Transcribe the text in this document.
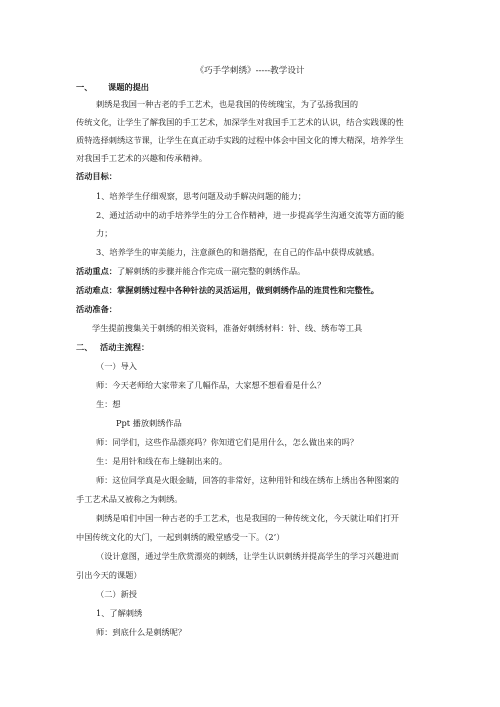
《巧手学刺绣》-----教学设计
一、 课题的提出
刺绣是我国一种古老的手工艺术，也是我国的传统瑰宝，为了弘扬我国的
传统文化，让学生了解我国的手工艺术，加深学生对我国手工艺术的认识，结合实践课的性
质特选择刺绣这节课，让学生在真正动手实践的过程中体会中国文化的博大精深，培养学生
对我国手工艺术的兴趣和传承精神。
活动目标：
1、培养学生仔细观察，思考问题及动手解决问题的能力；
2、通过活动中的动手培养学生的分工合作精神，进一步提高学生沟通交流等方面的能
力；
3、培养学生的审美能力，注意颜色的和谐搭配，在自己的作品中获得成就感。
活动重点：了解刺绣的步骤并能合作完成一副完整的刺绣作品。
活动难点：掌握刺绣过程中各种针法的灵活运用，做到刺绣作品的连贯性和完整性。
活动准备：
学生提前搜集关于刺绣的相关资料，准备好刺绣材料：针、线、绣布等工具
二、 活动主流程：
（一）导入
师：今天老师给大家带来了几幅作品，大家想不想看看是什么？
生：想
Ppt 播放刺绣作品
师：同学们，这些作品漂亮吗？你知道它们是用什么，怎么做出来的吗？
生：是用针和线在布上缝制出来的。
师：这位同学真是火眼金睛，回答的非常好，这种用针和线在绣布上绣出各种图案的
手工艺术品又被称之为刺绣。
刺绣是咱们中国一种古老的手工艺术，也是我国的一种传统文化，今天就让咱们打开
中国传统文化的大门，一起到刺绣的殿堂感受一下。（2’）
（设计意图，通过学生欣赏漂亮的刺绣，让学生认识刺绣并提高学生的学习兴趣进而
引出今天的课题）
（二）新授
1、了解刺绣
师：到底什么是刺绣呢？
